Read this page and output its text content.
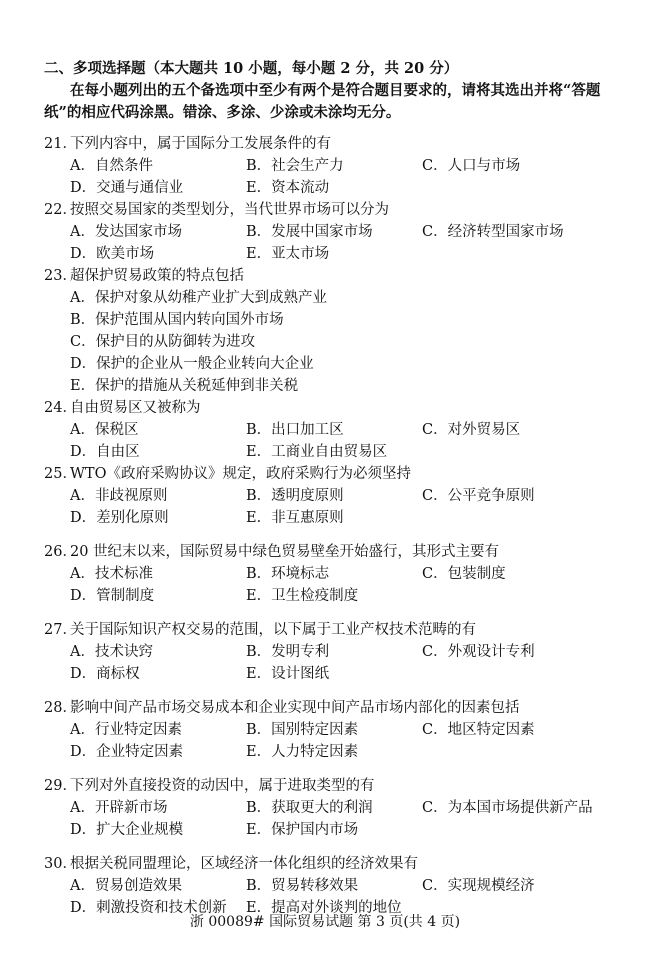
二、多项选择题（本大题共 10 小题，每小题 2 分，共 20 分）
在每小题列出的五个备选项中至少有两个是符合题目要求的，请将其选出并将“答题
纸”的相应代码涂黑。错涂、多涂、少涂或未涂均无分。
21．下列内容中，属于国际分工发展条件的有
A．自然条件	B．社会生产力	C．人口与市场
D．交通与通信业	E．资本流动
22．按照交易国家的类型划分，当代世界市场可以分为
A．发达国家市场	B．发展中国家市场	C．经济转型国家市场
D．欧美市场	E．亚太市场
23．超保护贸易政策的特点包括
A．保护对象从幼稚产业扩大到成熟产业
B．保护范围从国内转向国外市场
C．保护目的从防御转为进攻
D．保护的企业从一般企业转向大企业
E．保护的措施从关税延伸到非关税
24．自由贸易区又被称为
A．保税区	B．出口加工区	C．对外贸易区
D．自由区	E．工商业自由贸易区
25．WTO《政府采购协议》规定，政府采购行为必须坚持
A．非歧视原则	B．透明度原则	C．公平竞争原则
D．差别化原则	E．非互惠原则
26．20 世纪末以来，国际贸易中绿色贸易壁垒开始盛行，其形式主要有
A．技术标准	B．环境标志	C．包装制度
D．管制制度	E．卫生检疫制度
27．关于国际知识产权交易的范围，以下属于工业产权技术范畴的有
A．技术诀窍	B．发明专利	C．外观设计专利
D．商标权	E．设计图纸
28．影响中间产品市场交易成本和企业实现中间产品市场内部化的因素包括
A．行业特定因素	B．国别特定因素	C．地区特定因素
D．企业特定因素	E．人力特定因素
29．下列对外直接投资的动因中，属于进取类型的有
A．开辟新市场	B．获取更大的利润	C．为本国市场提供新产品
D．扩大企业规模	E．保护国内市场
30．根据关税同盟理论，区域经济一体化组织的经济效果有
A．贸易创造效果	B．贸易转移效果	C．实现规模经济
D．刺激投资和技术创新 E．提高对外谈判的地位
浙 00089# 国际贸易试题 第 3 页(共 4 页)
